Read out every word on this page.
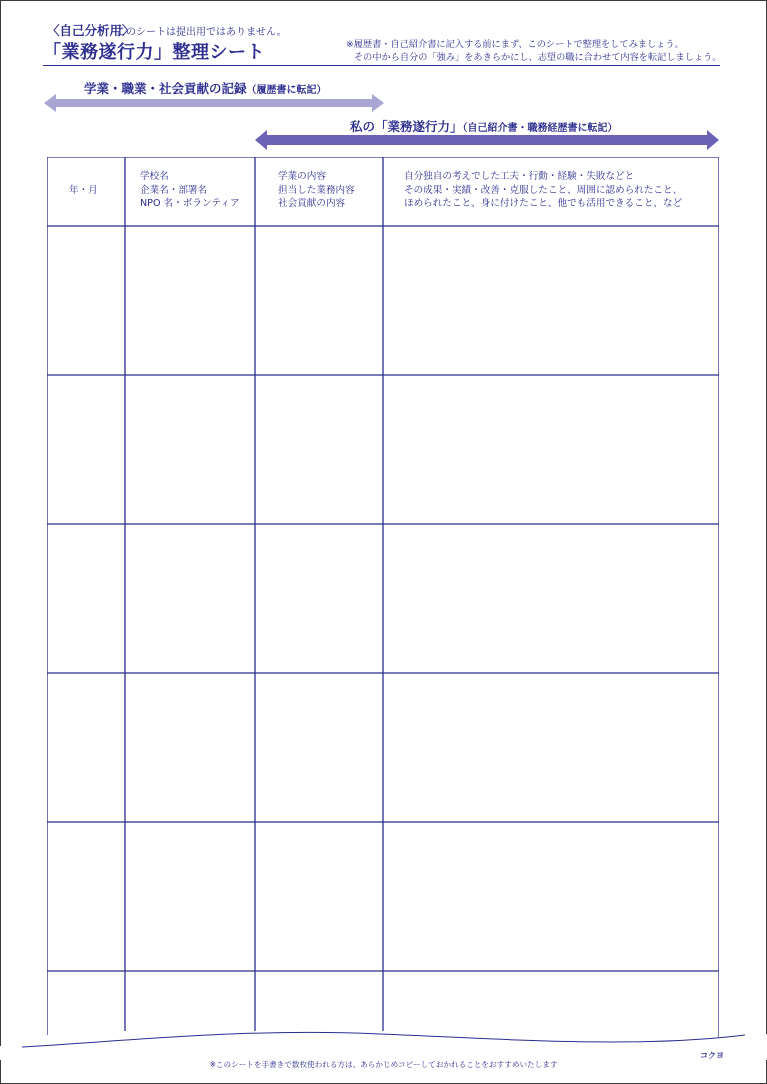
〈自己分析用〉
このシートは提出用ではありません。
「業務遂行力」整理シート	※履歴書・自己紹介書に記入する前にまず、このシートで整理をしてみましょう。
その中から自分の「強み」をあきらかにし、志望の職に合わせて内容を転記しましょう。
学業・職業・社会貢献の記録（履歴書に転記）
私の「業務遂行力」（自己紹介書・職務経歴書に転記）
年・月
学校名
企業名・部署名
NPO 名・ボランティア
学業の内容
担当した業務内容
社会貢献の内容
自分独自の考えでした工夫・行動・経験・失敗などと
その成果・実績・改善・克服したこと、周囲に認められたこと、
ほめられたこと、身に付けたこと、他でも活用できること、など
コクヨ
※このシートを手書きで数枚使われる方は、あらかじめコピーしておかれることをおすすめいたします
